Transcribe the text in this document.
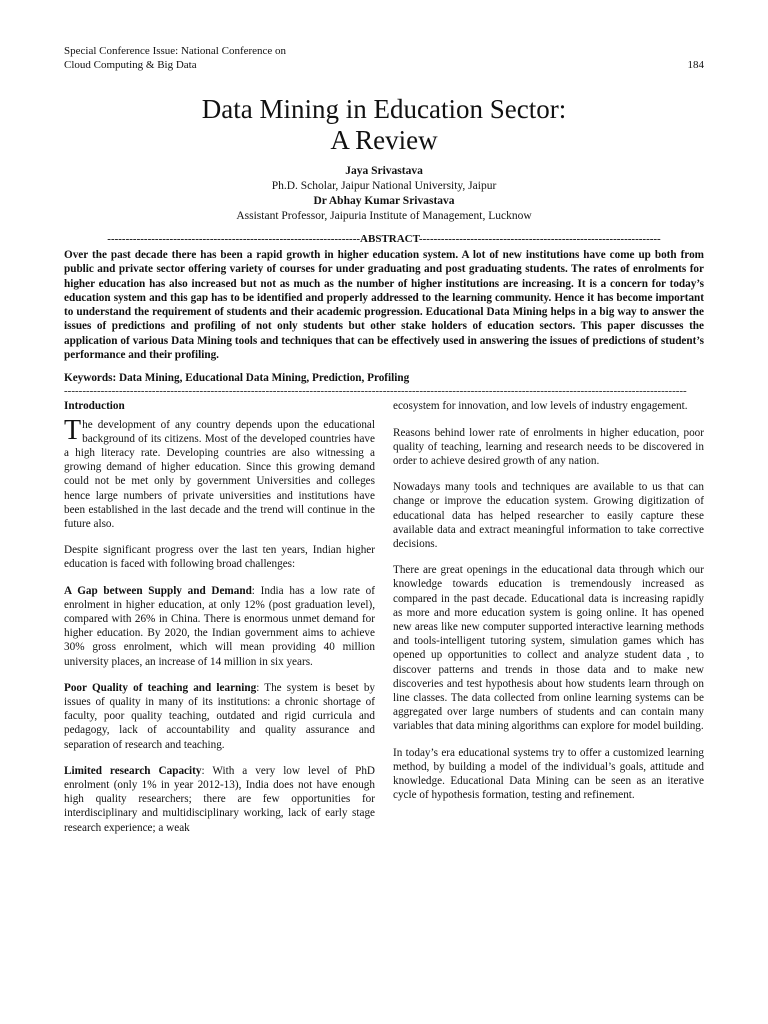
Special Conference Issue: National Conference on
Cloud Computing & Big Data	184
Data Mining in Education Sector:
A Review
Jaya Srivastava
Ph.D. Scholar, Jaipur National University, Jaipur
Dr Abhay Kumar Srivastava
Assistant Professor, Jaipuria Institute of Management, Lucknow
---------------------------------------------------------------------ABSTRACT------------------------------------------------------------------
Over the past decade there has been a rapid growth in higher education system. A lot of new institutions have come up both from public and private sector offering variety of courses for under graduating and post graduating students. The rates of enrolments for higher education has also increased but not as much as the number of higher institutions are increasing. It is a concern for today’s education system and this gap has to be identified and properly addressed to the learning community. Hence it has become important to understand the requirement of students and their academic progression. Educational Data Mining helps in a big way to answer the issues of predictions and profiling of not only students but other stake holders of education sectors. This paper discusses the application of various Data Mining tools and techniques that can be effectively used in answering the issues of predictions of student’s performance and their profiling.
Keywords: Data Mining, Educational Data Mining, Prediction, Profiling
--------------------------------------------------------------------------------------------------------------------------------------------------------------------------
Introduction

The development of any country depends upon the educational background of its citizens. Most of the developed countries have a high literacy rate. Developing countries are also witnessing a growing demand of higher education. Since this growing demand could not be met only by government Universities and colleges hence large numbers of private universities and institutions have been established in the last decade and the trend will continue in the future also.

Despite significant progress over the last ten years, Indian higher education is faced with following broad challenges:

A Gap between Supply and Demand: India has a low rate of enrolment in higher education, at only 12% (post graduation level), compared with 26% in China. There is enormous unmet demand for higher education. By 2020, the Indian government aims to achieve 30% gross enrolment, which will mean providing 40 million university places, an increase of 14 million in six years.

Poor Quality of teaching and learning: The system is beset by issues of quality in many of its institutions: a chronic shortage of faculty, poor quality teaching, outdated and rigid curricula and pedagogy, lack of accountability and quality assurance and separation of research and teaching.

Limited research Capacity: With a very low level of PhD enrolment (only 1% in year 2012-13), India does not have enough high quality researchers; there are few opportunities for interdisciplinary and multidisciplinary working, lack of early stage research experience; a weak

ecosystem for innovation, and low levels of industry engagement.

Reasons behind lower rate of enrolments in higher education, poor quality of teaching, learning and research needs to be discovered in order to achieve desired growth of any nation.

Nowadays many tools and techniques are available to us that can change or improve the education system. Growing digitization of educational data has helped researcher to easily capture these available data and extract meaningful information to take corrective decisions.

There are great openings in the educational data through which our knowledge towards education is tremendously increased as compared in the past decade. Educational data is increasing rapidly as more and more education system is going online. It has opened new areas like new computer supported interactive learning methods and tools-intelligent tutoring system, simulation games which has opened up opportunities to collect and analyze student data , to discover patterns and trends in those data and to make new discoveries and test hypothesis about how students learn through on line classes. The data collected from online learning systems can be aggregated over large numbers of students and can contain many variables that data mining algorithms can explore for model building.

In today’s era educational systems try to offer a customized learning method, by building a model of the individual’s goals, attitude and knowledge. Educational Data Mining can be seen as an iterative cycle of hypothesis formation, testing and refinement.
